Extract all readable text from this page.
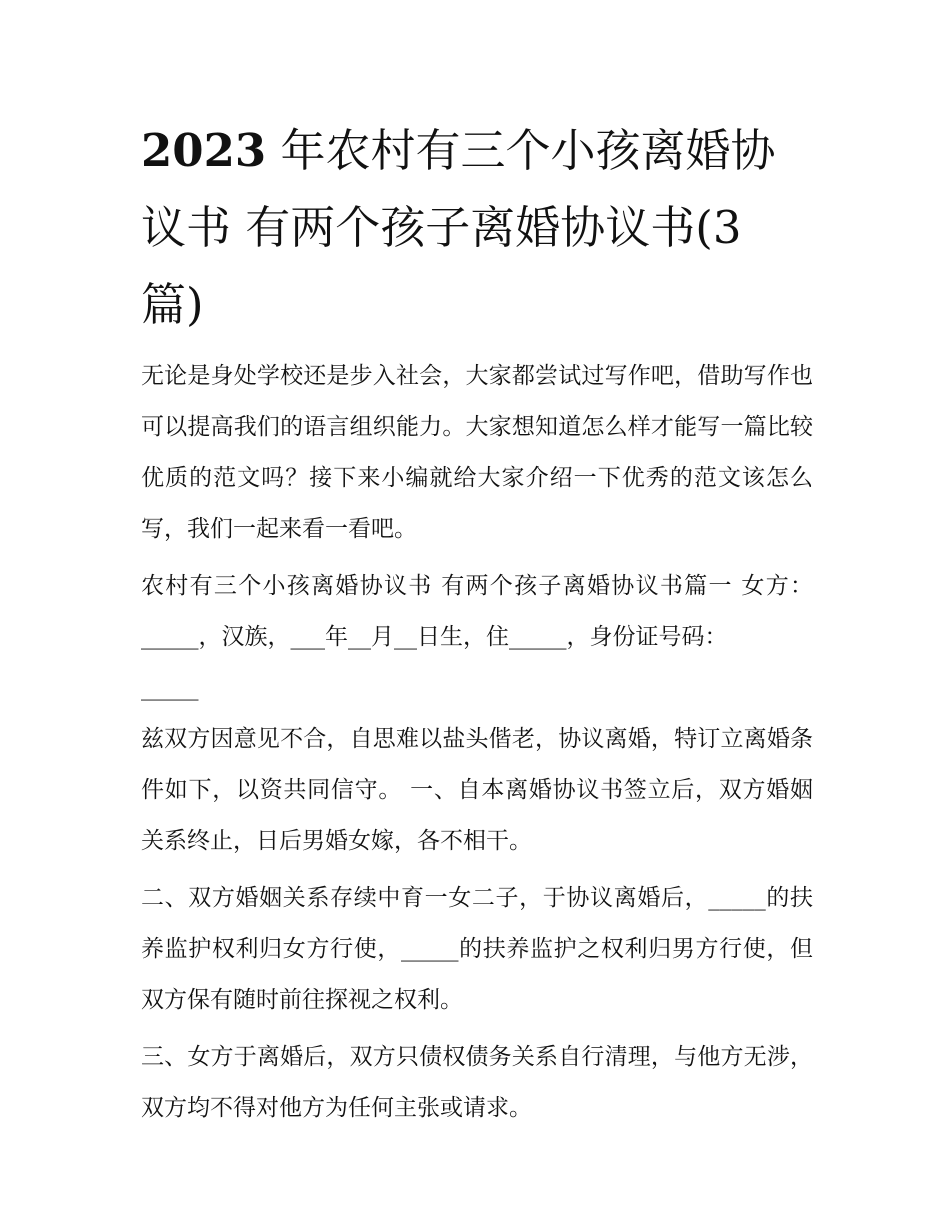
2023 年农村有三个小孩离婚协议书 有两个孩子离婚协议书(3 篇)

无论是身处学校还是步入社会，大家都尝试过写作吧，借助写作也可以提高我们的语言组织能力。大家想知道怎么样才能写一篇比较优质的范文吗？接下来小编就给大家介绍一下优秀的范文该怎么写，我们一起来看一看吧。

农村有三个小孩离婚协议书 有两个孩子离婚协议书篇一 女方：_____，汉族，___年__月__日生，住_____，身份证号码：

_____

兹双方因意见不合，自思难以盐头偕老，协议离婚，特订立离婚条件如下，以资共同信守。 一、自本离婚协议书签立后，双方婚姻关系终止，日后男婚女嫁，各不相干。

二、双方婚姻关系存续中育一女二子，于协议离婚后，_____的扶养监护权利归女方行使，_____的扶养监护之权利归男方行使，但双方保有随时前往探视之权利。

三、女方于离婚后，双方只债权债务关系自行清理，与他方无涉，双方均不得对他方为任何主张或请求。
